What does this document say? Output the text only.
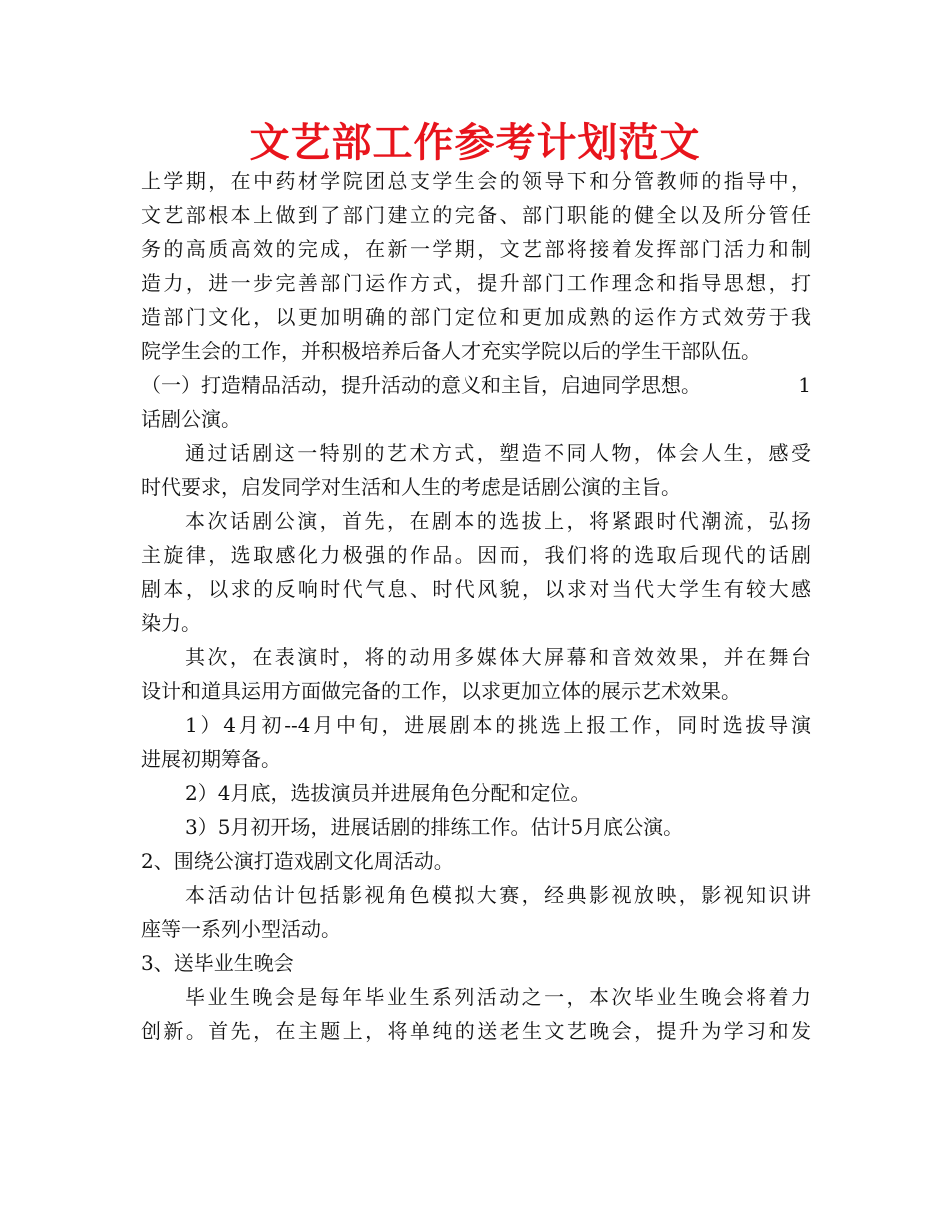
文艺部工作参考计划范文
上学期，在中药材学院团总支学生会的领导下和分管教师的指导中，
文艺部根本上做到了部门建立的完备、部门职能的健全以及所分管任
务的高质高效的完成，在新一学期，文艺部将接着发挥部门活力和制
造力，进一步完善部门运作方式，提升部门工作理念和指导思想，打
造部门文化，以更加明确的部门定位和更加成熟的运作方式效劳于我
院学生会的工作，并积极培养后备人才充实学院以后的学生干部队伍。
（一）打造精品活动，提升活动的意义和主旨，启迪同学思想。	1
话剧公演。
通过话剧这一特别的艺术方式，塑造不同人物，体会人生，感受
时代要求，启发同学对生活和人生的考虑是话剧公演的主旨。
本次话剧公演，首先，在剧本的选拔上，将紧跟时代潮流，弘扬
主旋律，选取感化力极强的作品。因而，我们将的选取后现代的话剧
剧本，以求的反响时代气息、时代风貌，以求对当代大学生有较大感
染力。
其次，在表演时，将的动用多媒体大屏幕和音效效果，并在舞台
设计和道具运用方面做完备的工作，以求更加立体的展示艺术效果。
1）4月初--4月中旬，进展剧本的挑选上报工作，同时选拔导演
进展初期筹备。
2）4月底，选拔演员并进展角色分配和定位。
3）5月初开场，进展话剧的排练工作。估计5月底公演。
2、围绕公演打造戏剧文化周活动。
本活动估计包括影视角色模拟大赛，经典影视放映，影视知识讲
座等一系列小型活动。
3、送毕业生晚会
毕业生晚会是每年毕业生系列活动之一，本次毕业生晚会将着力
创新。首先，在主题上，将单纯的送老生文艺晚会，提升为学习和发
